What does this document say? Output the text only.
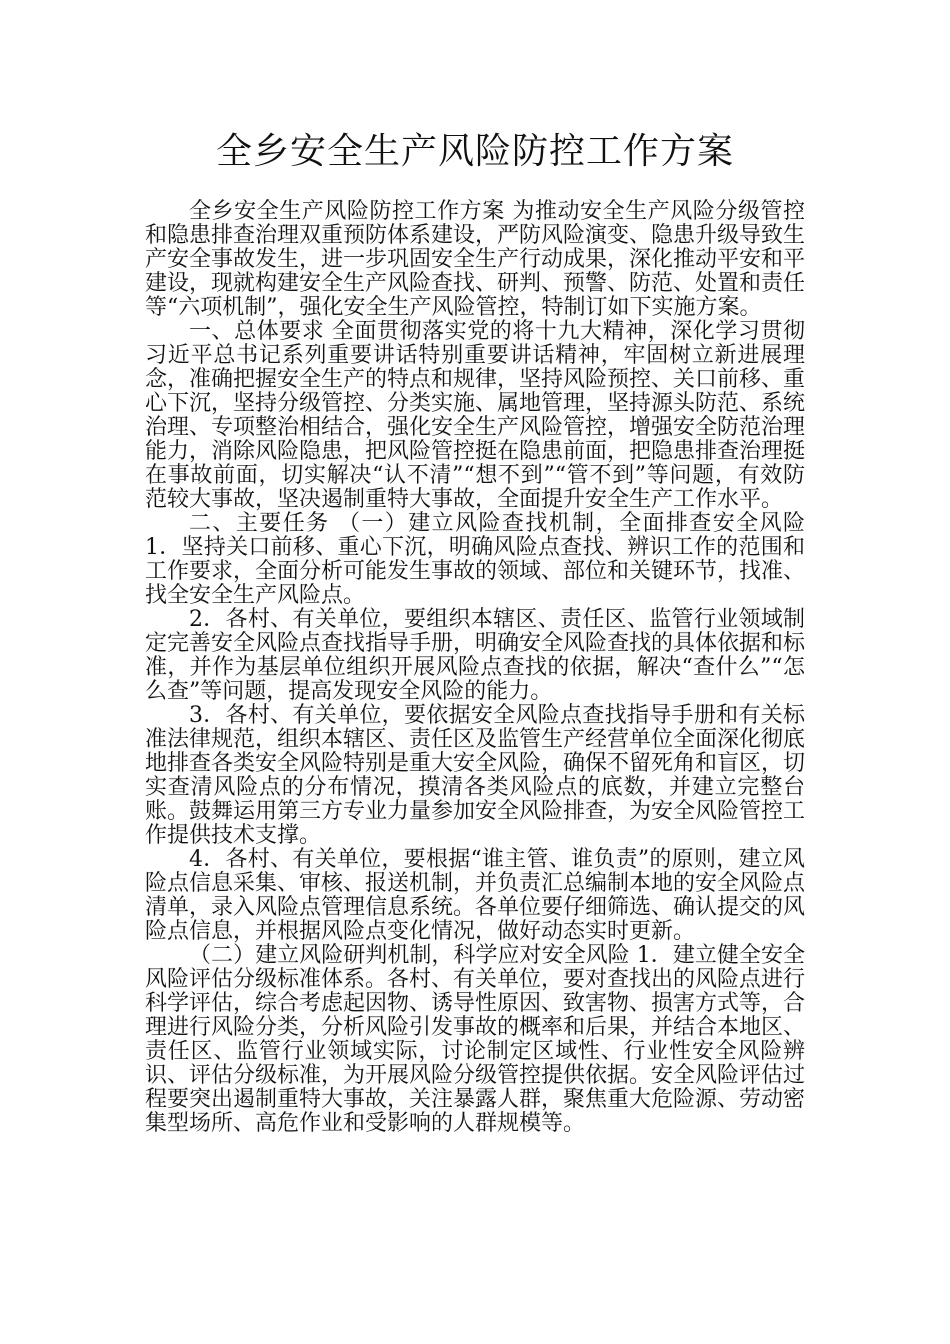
全乡安全生产风险防控工作方案

全乡安全生产风险防控工作方案 为推动安全生产风险分级管控和隐患排查治理双重预防体系建设，严防风险演变、隐患升级导致生产安全事故发生，进一步巩固安全生产行动成果，深化推动平安和平建设，现就构建安全生产风险查找、研判、预警、防范、处置和责任等“六项机制”，强化安全生产风险管控，特制订如下实施方案。

一、总体要求 全面贯彻落实党的将十九大精神，深化学习贯彻习近平总书记系列重要讲话特别重要讲话精神，牢固树立新进展理念，准确把握安全生产的特点和规律，坚持风险预控、关口前移、重心下沉，坚持分级管控、分类实施、属地管理，坚持源头防范、系统治理、专项整治相结合，强化安全生产风险管控，增强安全防范治理能力，消除风险隐患，把风险管控挺在隐患前面，把隐患排查治理挺在事故前面，切实解决“认不清”“想不到”“管不到”等问题，有效防范较大事故，坚决遏制重特大事故，全面提升安全生产工作水平。

二、主要任务 （一）建立风险查找机制，全面排查安全风险 1．坚持关口前移、重心下沉，明确风险点查找、辨识工作的范围和工作要求，全面分析可能发生事故的领域、部位和关键环节，找准、找全安全生产风险点。

2．各村、有关单位，要组织本辖区、责任区、监管行业领域制定完善安全风险点查找指导手册，明确安全风险查找的具体依据和标准，并作为基层单位组织开展风险点查找的依据，解决“查什么”“怎么查”等问题，提高发现安全风险的能力。

3．各村、有关单位，要依据安全风险点查找指导手册和有关标准法律规范，组织本辖区、责任区及监管生产经营单位全面深化彻底地排查各类安全风险特别是重大安全风险，确保不留死角和盲区，切实查清风险点的分布情况，摸清各类风险点的底数，并建立完整台账。鼓舞运用第三方专业力量参加安全风险排查，为安全风险管控工作提供技术支撑。

4．各村、有关单位，要根据“谁主管、谁负责”的原则，建立风险点信息采集、审核、报送机制，并负责汇总编制本地的安全风险点清单，录入风险点管理信息系统。各单位要仔细筛选、确认提交的风险点信息，并根据风险点变化情况，做好动态实时更新。

（二）建立风险研判机制，科学应对安全风险 1．建立健全安全风险评估分级标准体系。各村、有关单位，要对查找出的风险点进行科学评估，综合考虑起因物、诱导性原因、致害物、损害方式等，合理进行风险分类，分析风险引发事故的概率和后果，并结合本地区、责任区、监管行业领域实际，讨论制定区域性、行业性安全风险辨识、评估分级标准，为开展风险分级管控提供依据。安全风险评估过程要突出遏制重特大事故，关注暴露人群，聚焦重大危险源、劳动密集型场所、高危作业和受影响的人群规模等。
